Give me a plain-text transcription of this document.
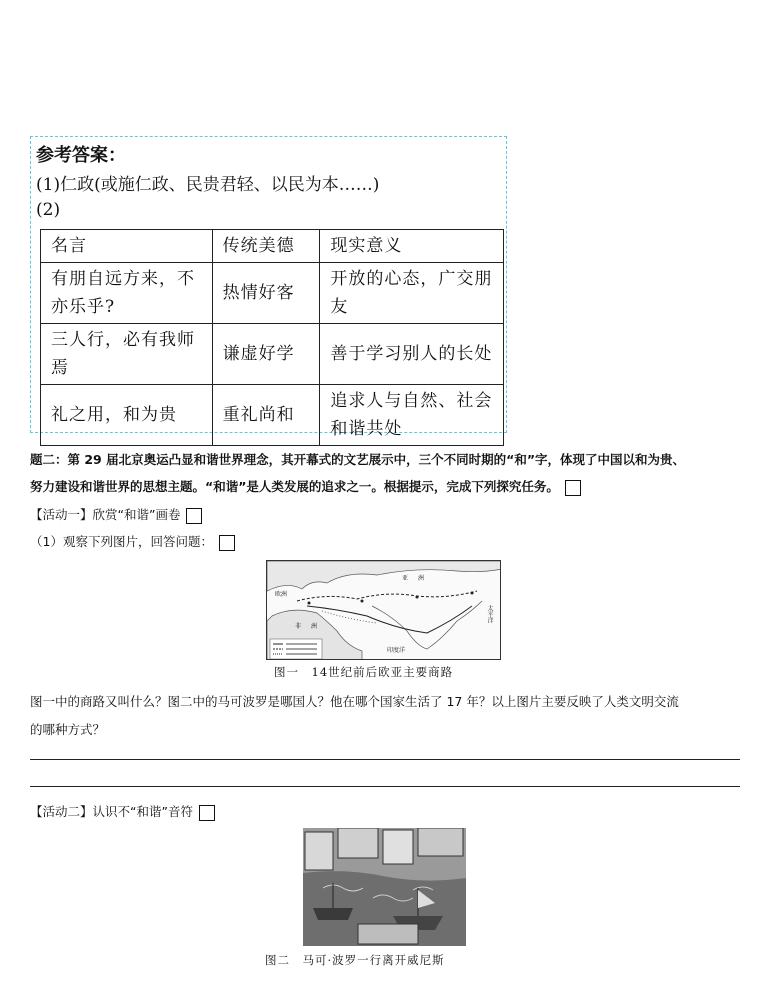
参考答案：
(1)仁政(或施仁政、民贵君轻、以民为本……)
(2)
名言	传统美德	现实意义
有朋自远方来，不亦乐乎?	热情好客	开放的心态，广交朋友
三人行，必有我师焉	谦虚好学	善于学习别人的长处
礼之用，和为贵	重礼尚和	追求人与自然、社会和谐共处
题二：第 29 届北京奥运凸显和谐世界理念，其开幕式的文艺展示中，三个不同时期的“和”字，体现了中国以和为贵、
努力建设和谐世界的思想主题。“和谐”是人类发展的追求之一。根据提示，完成下列探究任务。
【活动一】欣赏“和谐”画卷
（1）观察下列图片，回答问题：
欧洲
亚洲
非洲
印度洋
太平洋
图一　14世纪前后欧亚主要商路
图一中的商路又叫什么？图二中的马可波罗是哪国人？他在哪个国家生活了 17 年？以上图片主要反映了人类文明交流
的哪种方式？
【活动二】认识不“和谐”音符
图二　马可·波罗一行离开威尼斯
